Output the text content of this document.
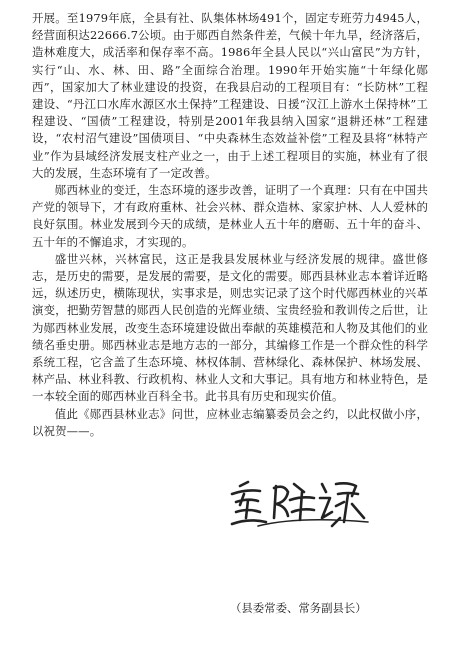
开展。至1979年底，全县有社、队集体林场491个，固定专班劳力4945人，经营面积达22666.7公顷。由于郧西自然条件差，气候十年九旱，经济落后，造林难度大，成活率和保存率不高。1986年全县人民以“兴山富民”为方针，实行“山、水、林、田、路”全面综合治理。1990年开始实施“十年绿化郧西”，国家加大了林业建设的投资，在我县启动的工程项目有：“长防林”工程建设、“丹江口水库水源区水土保持”工程建设、日援“汉江上游水土保持林”工程建设、“国债”工程建设，特别是2001年我县纳入国家“退耕还林”工程建设，“农村沼气建设”国债项目、“中央森林生态效益补偿”工程及县将“林特产业”作为县域经济发展支柱产业之一，由于上述工程项目的实施，林业有了很大的发展，生态环境有了一定改善。

郧西林业的变迁，生态环境的逐步改善，证明了一个真理：只有在中国共产党的领导下，才有政府重林、社会兴林、群众造林、家家护林、人人爱林的良好氛围。林业发展到今天的成绩，是林业人五十年的磨砺、五十年的奋斗、五十年的不懈追求，才实现的。

盛世兴林，兴林富民，这正是我县发展林业与经济发展的规律。盛世修志，是历史的需要，是发展的需要，是文化的需要。郧西县林业志本着详近略远，纵述历史，横陈现状，实事求是，则忠实记录了这个时代郧西林业的兴革演变，把勤劳智慧的郧西人民创造的光辉业绩、宝贵经验和教训传之后世，让为郧西林业发展，改变生态环境建设做出奉献的英雄模范和人物及其他们的业绩名垂史册。郧西林业志是地方志的一部分，其编修工作是一个群众性的科学系统工程，它含盖了生态环境、林权体制、营林绿化、森林保护、林场发展、林产品、林业科教、行政机构、林业人文和大事记。具有地方和林业特色，是一本较全面的郧西林业百科全书。此书具有历史和现实价值。

值此《郧西县林业志》问世，应林业志编纂委员会之约，以此权做小序，以祝贺——。

（县委常委、常务副县长）
